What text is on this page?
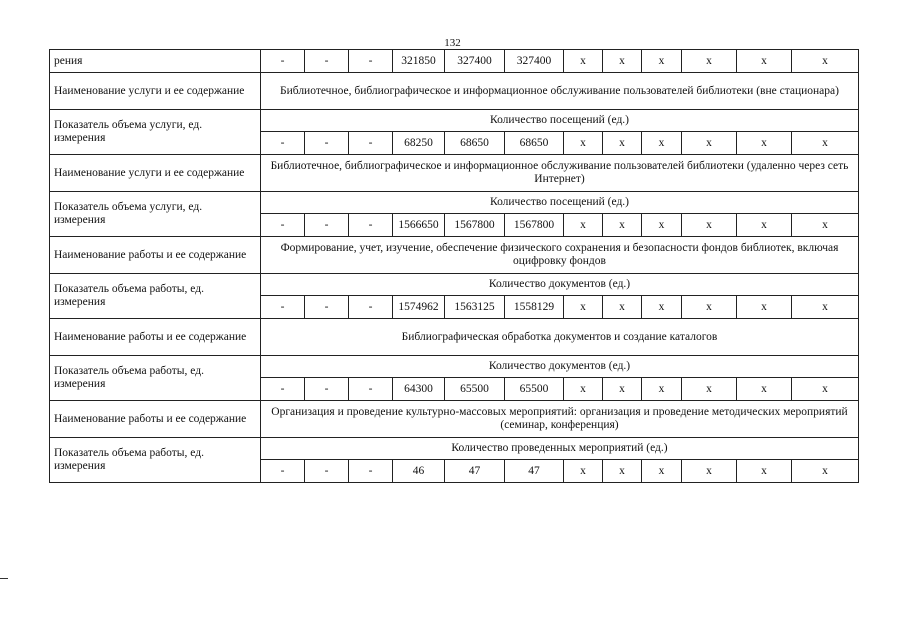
132
рения	-	-	-	321850	327400	327400	х	х	х	х	х	х
Наименование услуги и ее содержание	Библиотечное, библиографическое и информационное обслуживание пользователей библиотеки (вне стационара)											
Показатель объема услуги, ед. измерения	Количество посещений (ед.)											
	-	-	-	68250	68650	68650	х	х	х	х	х	х
Наименование услуги и ее содержание	Библиотечное, библиографическое и информационное обслуживание пользователей библиотеки (удаленно через сеть Интернет)											
Показатель объема услуги, ед. измерения	Количество посещений (ед.)											
	-	-	-	1566650	1567800	1567800	х	х	х	х	х	х
Наименование работы и ее содержание	Формирование, учет, изучение, обеспечение физического сохранения и безопасности фондов библиотек, включая оцифровку фондов											
Показатель объема работы, ед. измерения	Количество документов (ед.)											
	-	-	-	1574962	1563125	1558129	х	х	х	х	х	х
Наименование работы и ее содержание	Библиографическая обработка документов и создание каталогов											
Показатель объема работы, ед. измерения	Количество документов (ед.)											
	-	-	-	64300	65500	65500	х	х	х	х	х	х
Наименование работы и ее содержание	Организация и проведение культурно-массовых мероприятий: организация и проведение методических мероприятий (семинар, конференция)											
Показатель объема работы, ед. измерения	Количество проведенных мероприятий (ед.)											
	-	-	-	46	47	47	х	х	х	х	х	х
